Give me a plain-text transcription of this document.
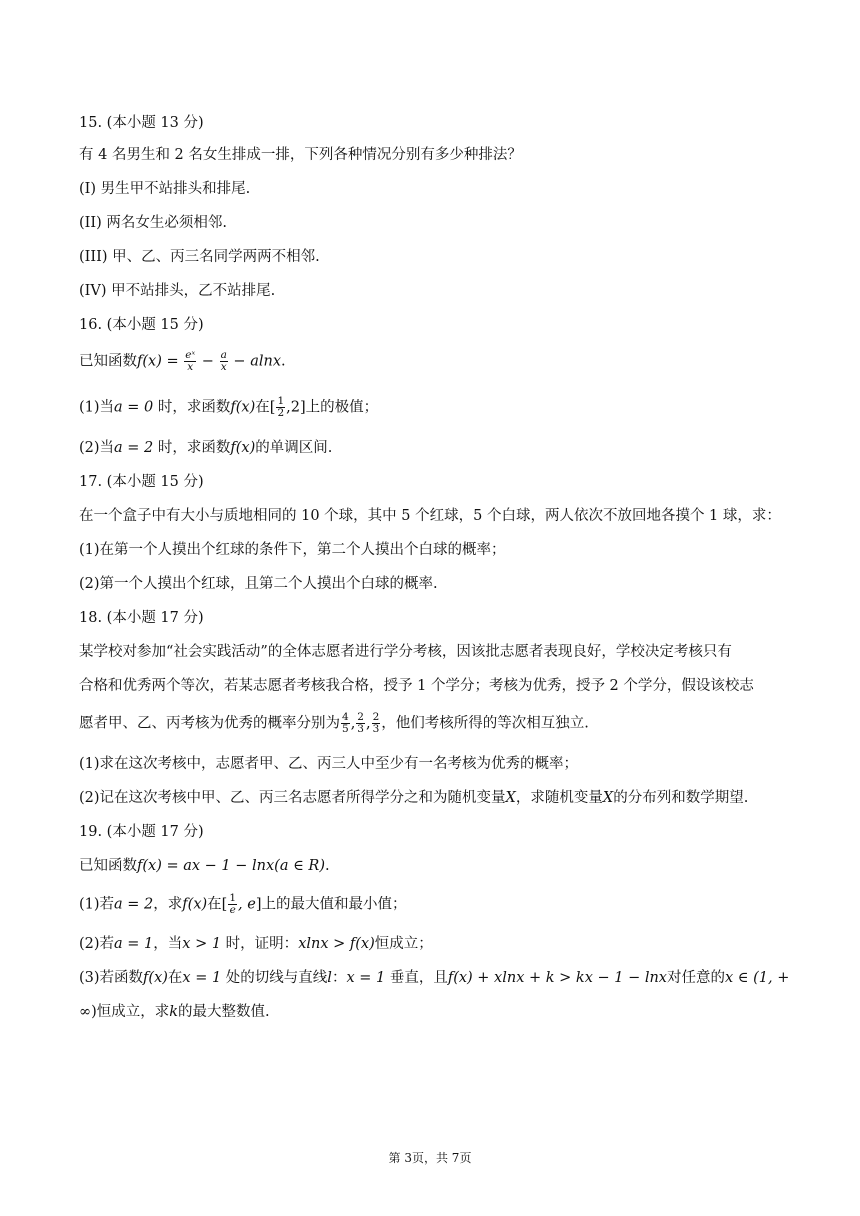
15. (本小题 13 分)
有 4 名男生和 2 名女生排成一排，下列各种情况分别有多少种排法？
(I) 男生甲不站排头和排尾.
(II) 两名女生必须相邻.
(III) 甲、乙、丙三名同学两两不相邻.
(IV) 甲不站排头，乙不站排尾.
16. (本小题 15 分)
已知函数$f(x) = \frac{\text{eˣ}}{x} - \frac{a}{x} - alnx$.
(1)当a = 0 时，求函数f(x)在[ $\frac{1}{2} ,2$]上的极值；
(2)当a = 2 时，求函数f(x)的单调区间.
17. (本小题 15 分)
在一个盒子中有大小与质地相同的 10 个球，其中 5 个红球，5 个白球，两人依次不放回地各摸个 1 球，求：
(1)在第一个人摸出个红球的条件下，第二个人摸出个白球的概率；
(2)第一个人摸出个红球，且第二个人摸出个白球的概率.
18. (本小题 17 分)
某学校对参加“社会实践活动”的全体志愿者进行学分考核，因该批志愿者表现良好，学校决定考核只有
合格和优秀两个等次，若某志愿者考核我合格，授予 1 个学分；考核为优秀，授予 2 个学分，假设该校志
愿者甲、乙、丙考核为优秀的概率分别为 $\frac{4}{5}$ , $\frac{2}{3}$ , $\frac{2}{3}$ ，他们考核所得的等次相互独立.
(1)求在这次考核中，志愿者甲、乙、丙三人中至少有一名考核为优秀的概率；
(2)记在这次考核中甲、乙、丙三名志愿者所得学分之和为随机变量X，求随机变量X的分布列和数学期望.
19. (本小题 17 分)
已知函数f(x) = ax − 1 − lnx(a ∈ R).
(1)若a = 2，求f(x)在[ $\frac{1}{e}$ , e]上的最大值和最小值；
(2)若a = 1，当x > 1 时，证明：xlnx > f(x)恒成立；
(3)若函数f(x)在x = 1 处的切线与直线l：x = 1 垂直，且f(x) + xlnx + k > kx − 1 − lnx对任意的x ∈ (1, +
∞)恒成立，求k的最大整数值.
第 3页，共 7页
